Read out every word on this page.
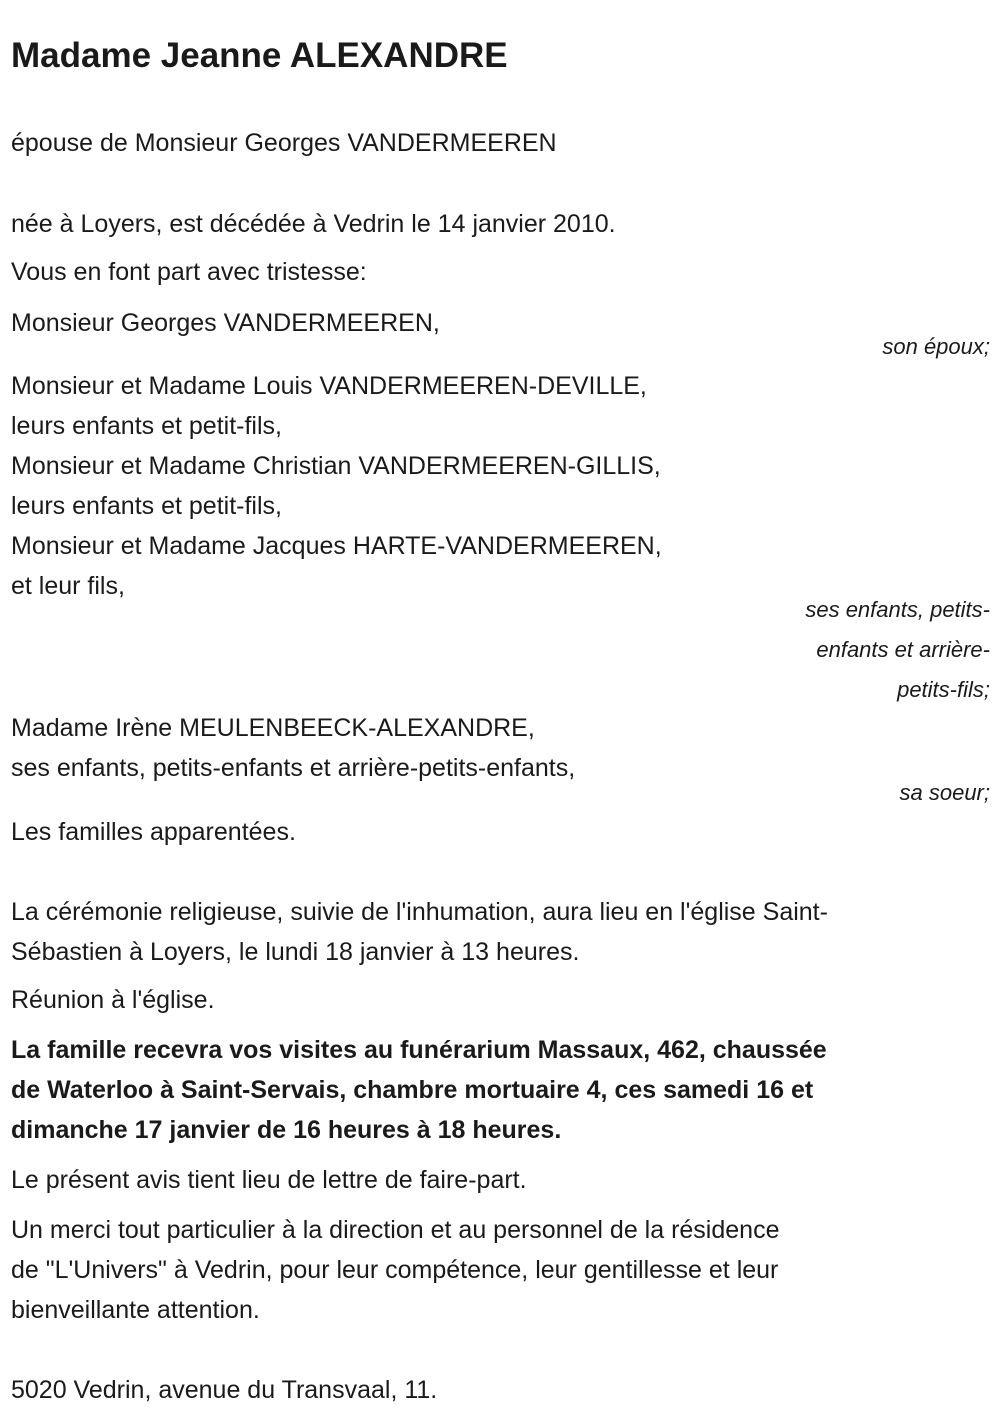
Madame Jeanne ALEXANDRE
épouse de Monsieur Georges VANDERMEEREN
née à Loyers, est décédée à Vedrin le 14 janvier 2010.
Vous en font part avec tristesse:
Monsieur Georges VANDERMEEREN,
son époux;
Monsieur et Madame Louis VANDERMEEREN-DEVILLE,
leurs enfants et petit-fils,
Monsieur et Madame Christian VANDERMEEREN-GILLIS,
leurs enfants et petit-fils,
Monsieur et Madame Jacques HARTE-VANDERMEEREN,
et leur fils,
ses enfants, petits-
enfants et arrière-
petits-fils;
Madame Irène MEULENBEECK-ALEXANDRE,
ses enfants, petits-enfants et arrière-petits-enfants,
sa soeur;
Les familles apparentées.
La cérémonie religieuse, suivie de l'inhumation, aura lieu en l'église Saint-
Sébastien à Loyers, le lundi 18 janvier à 13 heures.
Réunion à l'église.
La famille recevra vos visites au funérarium Massaux, 462, chaussée
de Waterloo à Saint-Servais, chambre mortuaire 4, ces samedi 16 et
dimanche 17 janvier de 16 heures à 18 heures.
Le présent avis tient lieu de lettre de faire-part.
Un merci tout particulier à la direction et au personnel de la résidence
de "L'Univers" à Vedrin, pour leur compétence, leur gentillesse et leur
bienveillante attention.
5020 Vedrin, avenue du Transvaal, 11.
